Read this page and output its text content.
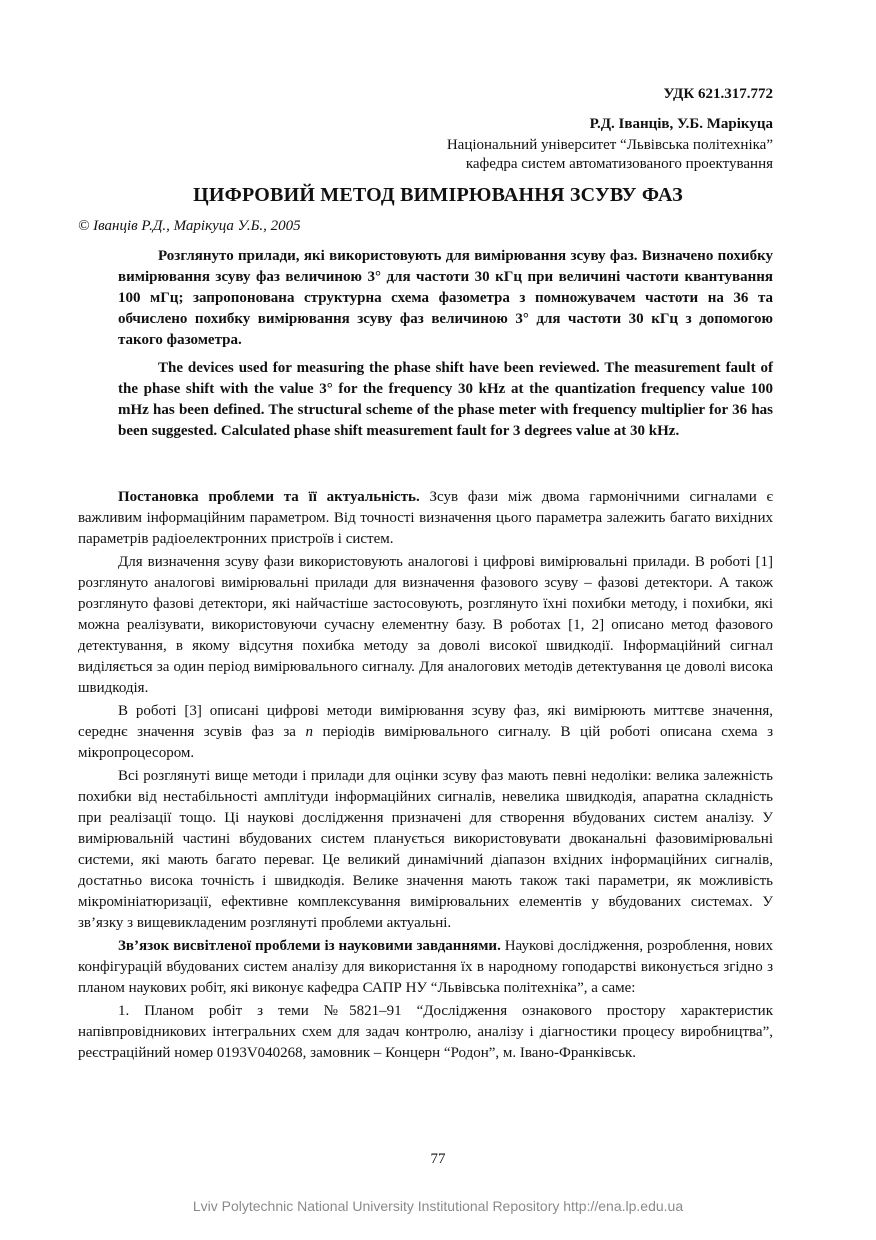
УДК 621.317.772
Р.Д. Іванців, У.Б. Марікуца
Національний університет “Львівська політехніка”
кафедра систем автоматизованого проектування
ЦИФРОВИЙ МЕТОД ВИМІРЮВАННЯ ЗСУВУ ФАЗ
© Іванців Р.Д., Марікуца У.Б., 2005
Розглянуто прилади, які використовують для вимірювання зсуву фаз. Визначено похибку вимірювання зсуву фаз величиною 3° для частоти 30 кГц при величині частоти квантування 100 мГц; запропонована структурна схема фазометра з помножувачем частоти на 36 та обчислено похибку вимірювання зсуву фаз величиною 3° для частоти 30 кГц з допомогою такого фазометра.
The devices used for measuring the phase shift have been reviewed. The measurement fault of the phase shift with the value 3° for the frequency 30 kHz at the quantization frequency value 100 mHz has been defined. The structural scheme of the phase meter with frequency multiplier for 36 has been suggested. Calculated phase shift measurement fault for 3 degrees value at 30 kHz.

Постановка проблеми та її актуальність. Зсув фази між двома гармонічними сигналами є важливим інформаційним параметром. Від точності визначення цього параметра залежить багато вихідних параметрів радіоелектронних пристроїв і систем.

Для визначення зсуву фази використовують аналогові і цифрові вимірювальні прилади. В роботі [1] розглянуто аналогові вимірювальні прилади для визначення фазового зсуву – фазові детектори. А також розглянуто фазові детектори, які найчастіше застосовують, розглянуто їхні похибки методу, і похибки, які можна реалізувати, використовуючи сучасну елементну базу. В роботах [1, 2] описано метод фазового детектування, в якому відсутня похибка методу за доволі високої швидкодії. Інформаційний сигнал виділяється за один період вимірювального сигналу. Для аналогових методів детектування це доволі висока швидкодія.

В роботі [3] описані цифрові методи вимірювання зсуву фаз, які вимірюють миттєве значення, середнє значення зсувів фаз за n періодів вимірювального сигналу. В цій роботі описана схема з мікропроцесором.

Всі розглянуті вище методи і прилади для оцінки зсуву фаз мають певні недоліки: велика залежність похибки від нестабільності амплітуди інформаційних сигналів, невелика швидкодія, апаратна складність при реалізації тощо. Ці наукові дослідження призначені для створення вбудованих систем аналізу. У вимірювальній частині вбудованих систем планується використовувати двоканальні фазовимірювальні системи, які мають багато переваг. Це великий динамічний діапазон вхідних інформаційних сигналів, достатньо висока точність і швидкодія. Велике значення мають також такі параметри, як можливість мікромініатюризації, ефективне комплексування вимірювальних елементів у вбудованих системах. У зв’язку з вищевикладеним розглянуті проблеми актуальні.

Зв’язок висвітленої проблеми із науковими завданнями. Наукові дослідження, розроблення, нових конфігурацій вбудованих систем аналізу для використання їх в народному гоподарстві виконується згідно з планом наукових робіт, які виконує кафедра САПР НУ “Львівська політехніка”, а саме:

1. Планом робіт з теми №5821–91 “Дослідження ознакового простору характеристик напівпровідникових інтегральних схем для задач контролю, аналізу і діагностики процесу виробництва”, реєстраційний номер 0193V040268, замовник – Концерн “Родон”, м. Івано-Франківськ.

77
Lviv Polytechnic National University Institutional Repository http://ena.lp.edu.ua
